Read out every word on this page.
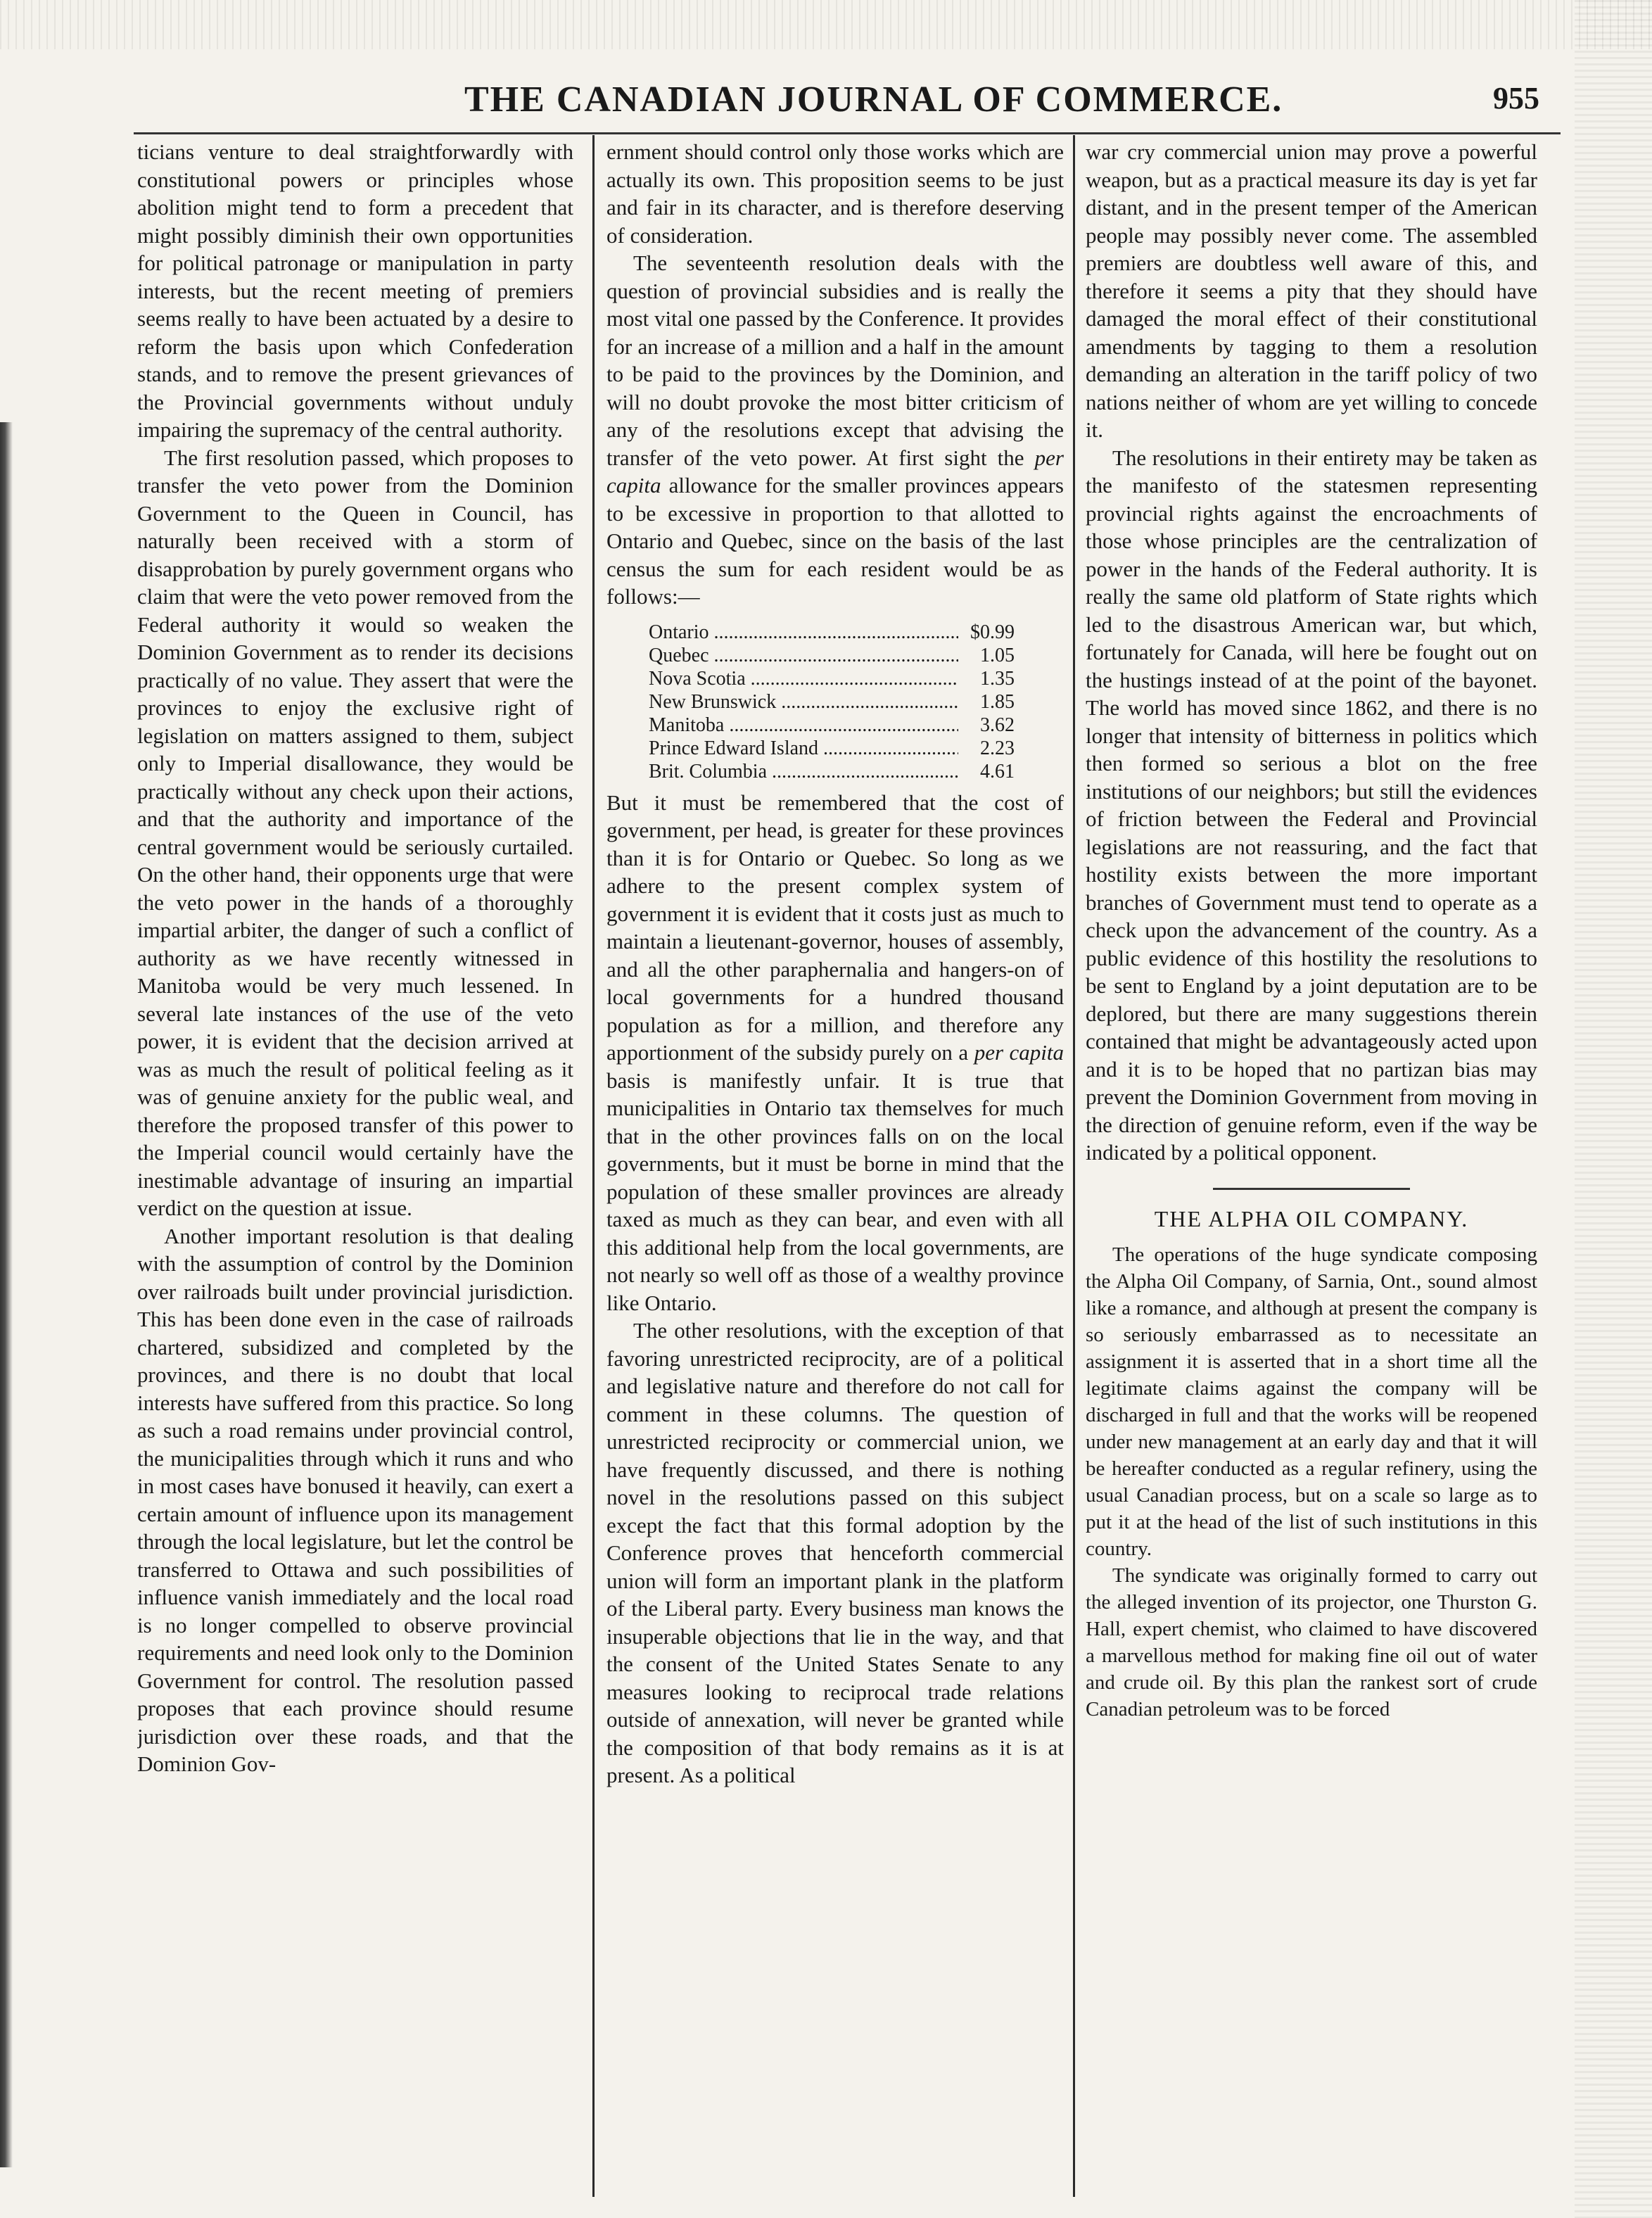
THE CANADIAN JOURNAL OF COMMERCE.	955

ticians venture to deal straightforwardly with constitutional powers or principles whose abolition might tend to form a precedent that might possibly diminish their own opportunities for political patronage or manipulation in party interests, but the recent meeting of premiers seems really to have been actuated by a desire to reform the basis upon which Confederation stands, and to remove the present grievances of the Provincial governments without unduly impairing the supremacy of the central authority.

The first resolution passed, which proposes to transfer the veto power from the Dominion Government to the Queen in Council, has naturally been received with a storm of disapprobation by purely government organs who claim that were the veto power removed from the Federal authority it would so weaken the Dominion Government as to render its decisions practically of no value. They assert that were the provinces to enjoy the exclusive right of legislation on matters assigned to them, subject only to Imperial disallowance, they would be practically without any check upon their actions, and that the authority and importance of the central government would be seriously curtailed. On the other hand, their opponents urge that were the veto power in the hands of a thoroughly impartial arbiter, the danger of such a conflict of authority as we have recently witnessed in Manitoba would be very much lessened. In several late instances of the use of the veto power, it is evident that the decision arrived at was as much the result of political feeling as it was of genuine anxiety for the public weal, and therefore the proposed transfer of this power to the Imperial council would certainly have the inestimable advantage of insuring an impartial verdict on the question at issue.

Another important resolution is that dealing with the assumption of control by the Dominion over railroads built under provincial jurisdiction. This has been done even in the case of railroads chartered, subsidized and completed by the provinces, and there is no doubt that local interests have suffered from this practice. So long as such a road remains under provincial control, the municipalities through which it runs and who in most cases have bonused it heavily, can exert a certain amount of influence upon its management through the local legislature, but let the control be transferred to Ottawa and such possibilities of influence vanish immediately and the local road is no longer compelled to observe provincial requirements and need look only to the Dominion Government for control. The resolution passed proposes that each province should resume jurisdiction over these roads, and that the Dominion Gov-

ernment should control only those works which are actually its own. This proposition seems to be just and fair in its character, and is therefore deserving of consideration.

The seventeenth resolution deals with the question of provincial subsidies and is really the most vital one passed by the Conference. It provides for an increase of a million and a half in the amount to be paid to the provinces by the Dominion, and will no doubt provoke the most bitter criticism of any of the resolutions except that advising the transfer of the veto power. At first sight the per capita allowance for the smaller provinces appears to be excessive in proportion to that allotted to Ontario and Quebec, since on the basis of the last census the sum for each resident would be as follows:—

Ontario .....	$0.99
Quebec .....	1.05
Nova Scotia .....	1.35
New Brunswick .....	1.85
Manitoba .....	3.62
Prince Edward Island .....	2.23
Brit. Columbia .....	4.61

But it must be remembered that the cost of government, per head, is greater for these provinces than it is for Ontario or Quebec. So long as we adhere to the present complex system of government it is evident that it costs just as much to maintain a lieutenant-governor, houses of assembly, and all the other paraphernalia and hangers-on of local governments for a hundred thousand population as for a million, and therefore any apportionment of the subsidy purely on a per capita basis is manifestly unfair. It is true that municipalities in Ontario tax themselves for much that in the other provinces falls on on the local governments, but it must be borne in mind that the population of these smaller provinces are already taxed as much as they can bear, and even with all this additional help from the local governments, are not nearly so well off as those of a wealthy province like Ontario.

The other resolutions, with the exception of that favoring unrestricted reciprocity, are of a political and legislative nature and therefore do not call for comment in these columns. The question of unrestricted reciprocity or commercial union, we have frequently discussed, and there is nothing novel in the resolutions passed on this subject except the fact that this formal adoption by the Conference proves that henceforth commercial union will form an important plank in the platform of the Liberal party. Every business man knows the insuperable objections that lie in the way, and that the consent of the United States Senate to any measures looking to reciprocal trade relations outside of annexation, will never be granted while the composition of that body remains as it is at present. As a political

war cry commercial union may prove a powerful weapon, but as a practical measure its day is yet far distant, and in the present temper of the American people may possibly never come. The assembled premiers are doubtless well aware of this, and therefore it seems a pity that they should have damaged the moral effect of their constitutional amendments by tagging to them a resolution demanding an alteration in the tariff policy of two nations neither of whom are yet willing to concede it.

The resolutions in their entirety may be taken as the manifesto of the statesmen representing provincial rights against the encroachments of those whose principles are the centralization of power in the hands of the Federal authority. It is really the same old platform of State rights which led to the disastrous American war, but which, fortunately for Canada, will here be fought out on the hustings instead of at the point of the bayonet. The world has moved since 1862, and there is no longer that intensity of bitterness in politics which then formed so serious a blot on the free institutions of our neighbors; but still the evidences of friction between the Federal and Provincial legislations are not reassuring, and the fact that hostility exists between the more important branches of Government must tend to operate as a check upon the advancement of the country. As a public evidence of this hostility the resolutions to be sent to England by a joint deputation are to be deplored, but there are many suggestions therein contained that might be advantageously acted upon and it is to be hoped that no partizan bias may prevent the Dominion Government from moving in the direction of genuine reform, even if the way be indicated by a political opponent.

THE ALPHA OIL COMPANY.

The operations of the huge syndicate composing the Alpha Oil Company, of Sarnia, Ont., sound almost like a romance, and although at present the company is so seriously embarrassed as to necessitate an assignment it is asserted that in a short time all the legitimate claims against the company will be discharged in full and that the works will be reopened under new management at an early day and that it will be hereafter conducted as a regular refinery, using the usual Canadian process, but on a scale so large as to put it at the head of the list of such institutions in this country.

The syndicate was originally formed to carry out the alleged invention of its projector, one Thurston G. Hall, expert chemist, who claimed to have discovered a marvellous method for making fine oil out of water and crude oil. By this plan the rankest sort of crude Canadian petroleum was to be forced
